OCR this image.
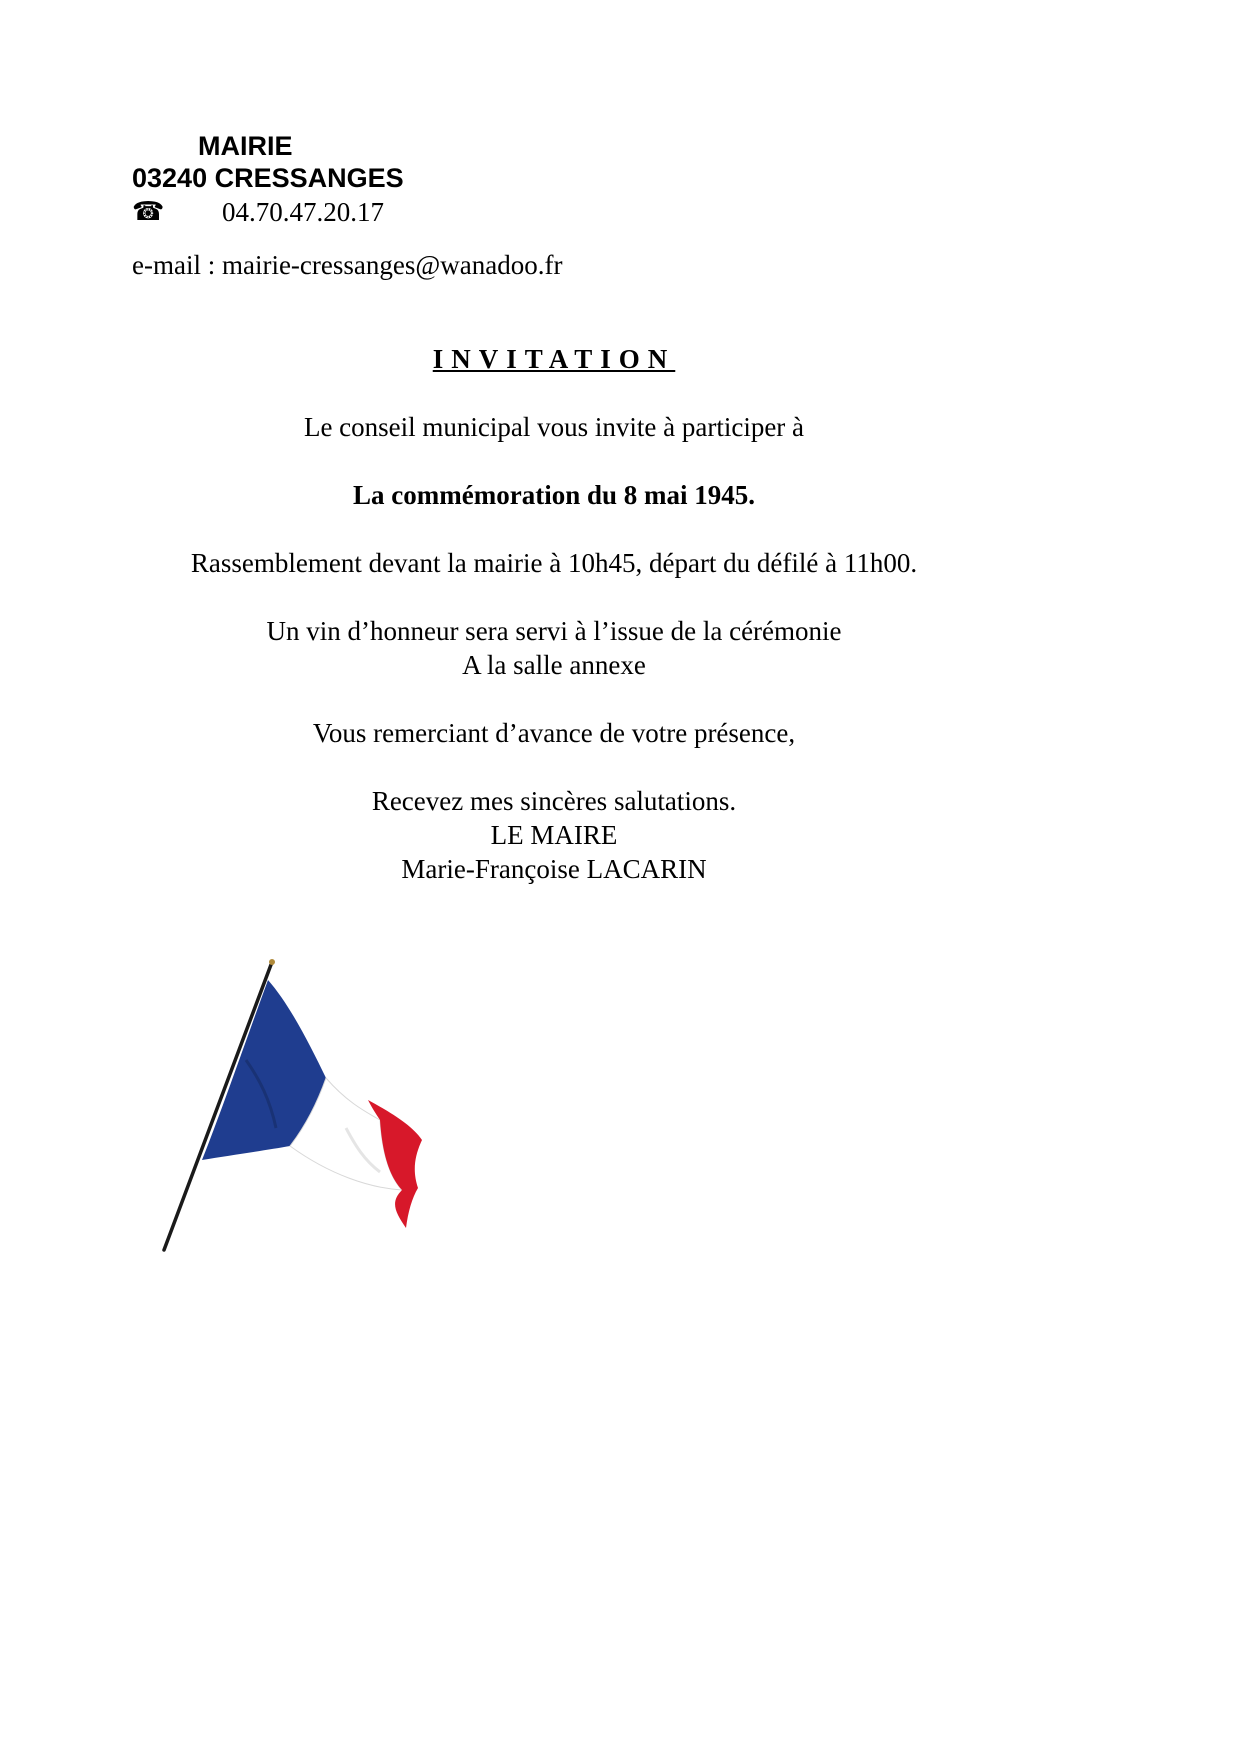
MAIRIE
03240 CRESSANGES
☎	04.70.47.20.17
e-mail : mairie-cressanges@wanadoo.fr
INVITATION

Le conseil municipal vous invite à participer à

La commémoration du 8 mai 1945.

Rassemblement devant la mairie à 10h45, départ du défilé à 11h00.

Un vin d’honneur sera servi à l’issue de la cérémonie

A la salle annexe

Vous remerciant d’avance de votre présence,

Recevez mes sincères salutations.

LE MAIRE

Marie-Françoise LACARIN
